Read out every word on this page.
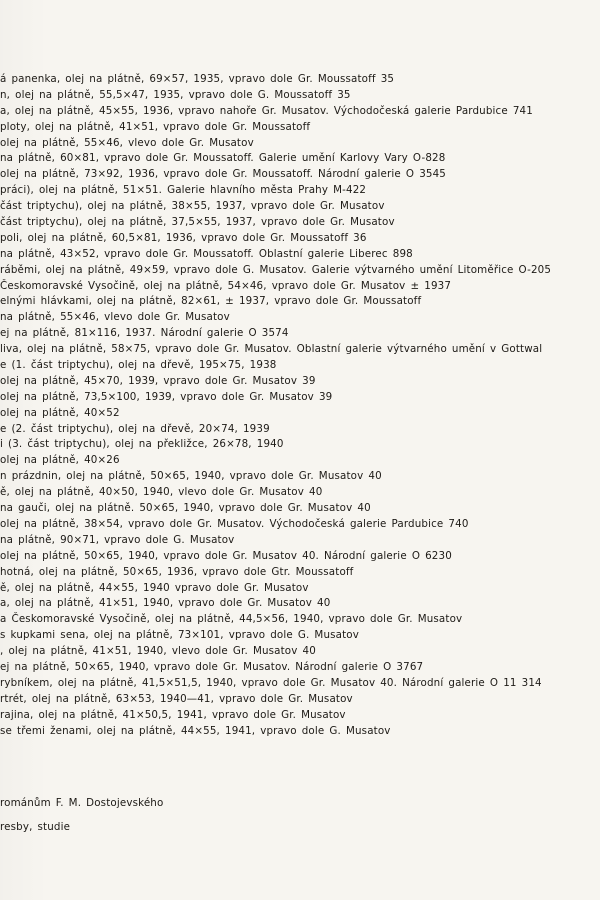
á panenka, olej na plátně, 69×57, 1935, vpravo dole Gr. Moussatoff 35
n, olej na plátně, 55,5×47, 1935, vpravo dole G. Moussatoff 35
a, olej na plátně, 45×55, 1936, vpravo nahoře Gr. Musatov. Východočeská galerie Pardubice 741
ploty, olej na plátně, 41×51, vpravo dole Gr. Moussatoff
olej na plátně, 55×46, vlevo dole Gr. Musatov
na plátně, 60×81, vpravo dole Gr. Moussatoff. Galerie umění Karlovy Vary O-828
olej na plátně, 73×92, 1936, vpravo dole Gr. Moussatoff. Národní galerie O 3545
práci), olej na plátně, 51×51. Galerie hlavního města Prahy M-422
část triptychu), olej na plátně, 38×55, 1937, vpravo dole Gr. Musatov
část triptychu), olej na plátně, 37,5×55, 1937, vpravo dole Gr. Musatov
poli, olej na plátně, 60,5×81, 1936, vpravo dole Gr. Moussatoff 36
na plátně, 43×52, vpravo dole Gr. Moussatoff. Oblastní galerie Liberec 898
ráběmi, olej na plátně, 49×59, vpravo dole G. Musatov. Galerie výtvarného umění Litoměřice O-205
Českomoravské Vysočině, olej na plátně, 54×46, vpravo dole Gr. Musatov ± 1937
elnými hlávkami, olej na plátně, 82×61, ± 1937, vpravo dole Gr. Moussatoff
na plátně, 55×46, vlevo dole Gr. Musatov
ej na plátně, 81×116, 1937. Národní galerie O 3574
liva, olej na plátně, 58×75, vpravo dole Gr. Musatov. Oblastní galerie výtvarného umění v Gottwal
e (1. část triptychu), olej na dřevě, 195×75, 1938
olej na plátně, 45×70, 1939, vpravo dole Gr. Musatov 39
olej na plátně, 73,5×100, 1939, vpravo dole Gr. Musatov 39
olej na plátně, 40×52
e (2. část triptychu), olej na dřevě, 20×74, 1939
i (3. část triptychu), olej na překližce, 26×78, 1940
olej na plátně, 40×26
n prázdnin, olej na plátně, 50×65, 1940, vpravo dole Gr. Musatov 40
ě, olej na plátně, 40×50, 1940, vlevo dole Gr. Musatov 40
na gauči, olej na plátně. 50×65, 1940, vpravo dole Gr. Musatov 40
olej na plátně, 38×54, vpravo dole Gr. Musatov. Východočeská galerie Pardubice 740
na plátně, 90×71, vpravo dole G. Musatov
olej na plátně, 50×65, 1940, vpravo dole Gr. Musatov 40. Národní galerie O 6230
hotná, olej na plátně, 50×65, 1936, vpravo dole Gtr. Moussatoff
ě, olej na plátně, 44×55, 1940 vpravo dole Gr. Musatov
a, olej na plátně, 41×51, 1940, vpravo dole Gr. Musatov 40
a Českomoravské Vysočině, olej na plátně, 44,5×56, 1940, vpravo dole Gr. Musatov
s kupkami sena, olej na plátně, 73×101, vpravo dole G. Musatov
, olej na plátně, 41×51, 1940, vlevo dole Gr. Musatov 40
ej na plátně, 50×65, 1940, vpravo dole Gr. Musatov. Národní galerie O 3767
rybníkem, olej na plátně, 41,5×51,5, 1940, vpravo dole Gr. Musatov 40. Národní galerie O 11 314
rtrét, olej na plátně, 63×53, 1940—41, vpravo dole Gr. Musatov
rajina, olej na plátně, 41×50,5, 1941, vpravo dole Gr. Musatov
se třemi ženami, olej na plátně, 44×55, 1941, vpravo dole G. Musatov
románům F. M. Dostojevského
resby, studie
